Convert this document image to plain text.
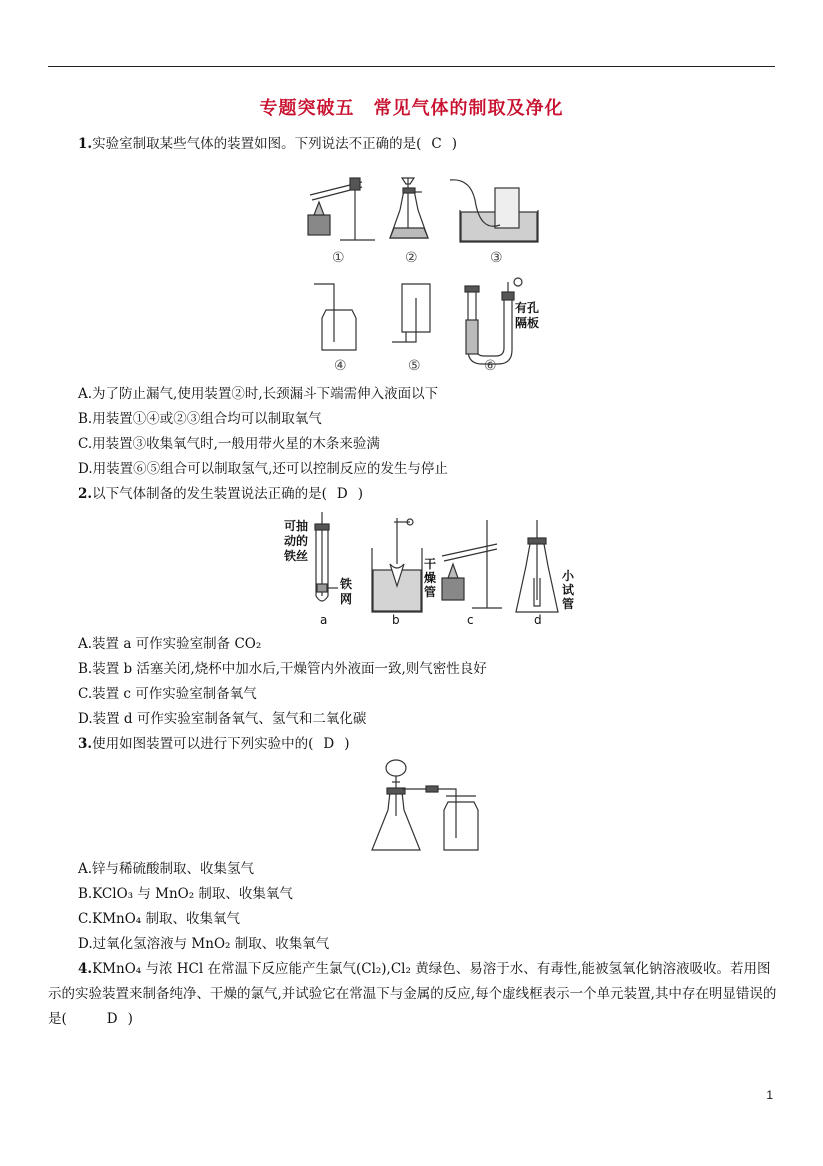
专题突破五　常见气体的制取及净化
1.实验室制取某些气体的装置如图。下列说法不正确的是( C )
①	②	③
有孔
隔板
④	⑤	⑥
A.为了防止漏气,使用装置②时,长颈漏斗下端需伸入液面以下
B.用装置①④或②③组合均可以制取氧气
C.用装置③收集氧气时,一般用带火星的木条来验满
D.用装置⑥⑤组合可以制取氢气,还可以控制反应的发生与停止
2.以下气体制备的发生装置说法正确的是( D )
可抽
动的
铁丝
铁
网
干
燥
管
小
试
管
a	b	c	d
A.装置 a 可作实验室制备 CO₂
B.装置 b 活塞关闭,烧杯中加水后,干燥管内外液面一致,则气密性良好
C.装置 c 可作实验室制备氧气
D.装置 d 可作实验室制备氧气、氢气和二氧化碳
3.使用如图装置可以进行下列实验中的( D )
A.锌与稀硫酸制取、收集氢气
B.KClO₃ 与 MnO₂ 制取、收集氧气
C.KMnO₄ 制取、收集氧气
D.过氧化氢溶液与 MnO₂ 制取、收集氧气
4.KMnO₄ 与浓 HCl 在常温下反应能产生氯气(Cl₂),Cl₂ 黄绿色、易溶于水、有毒性,能被氢氧化钠溶液吸收。若用图示的实验装置来制备纯净、干燥的氯气,并试验它在常温下与金属的反应,每个虚线框表示一个单元装置,其中存在明显错误的是(	D )
1
